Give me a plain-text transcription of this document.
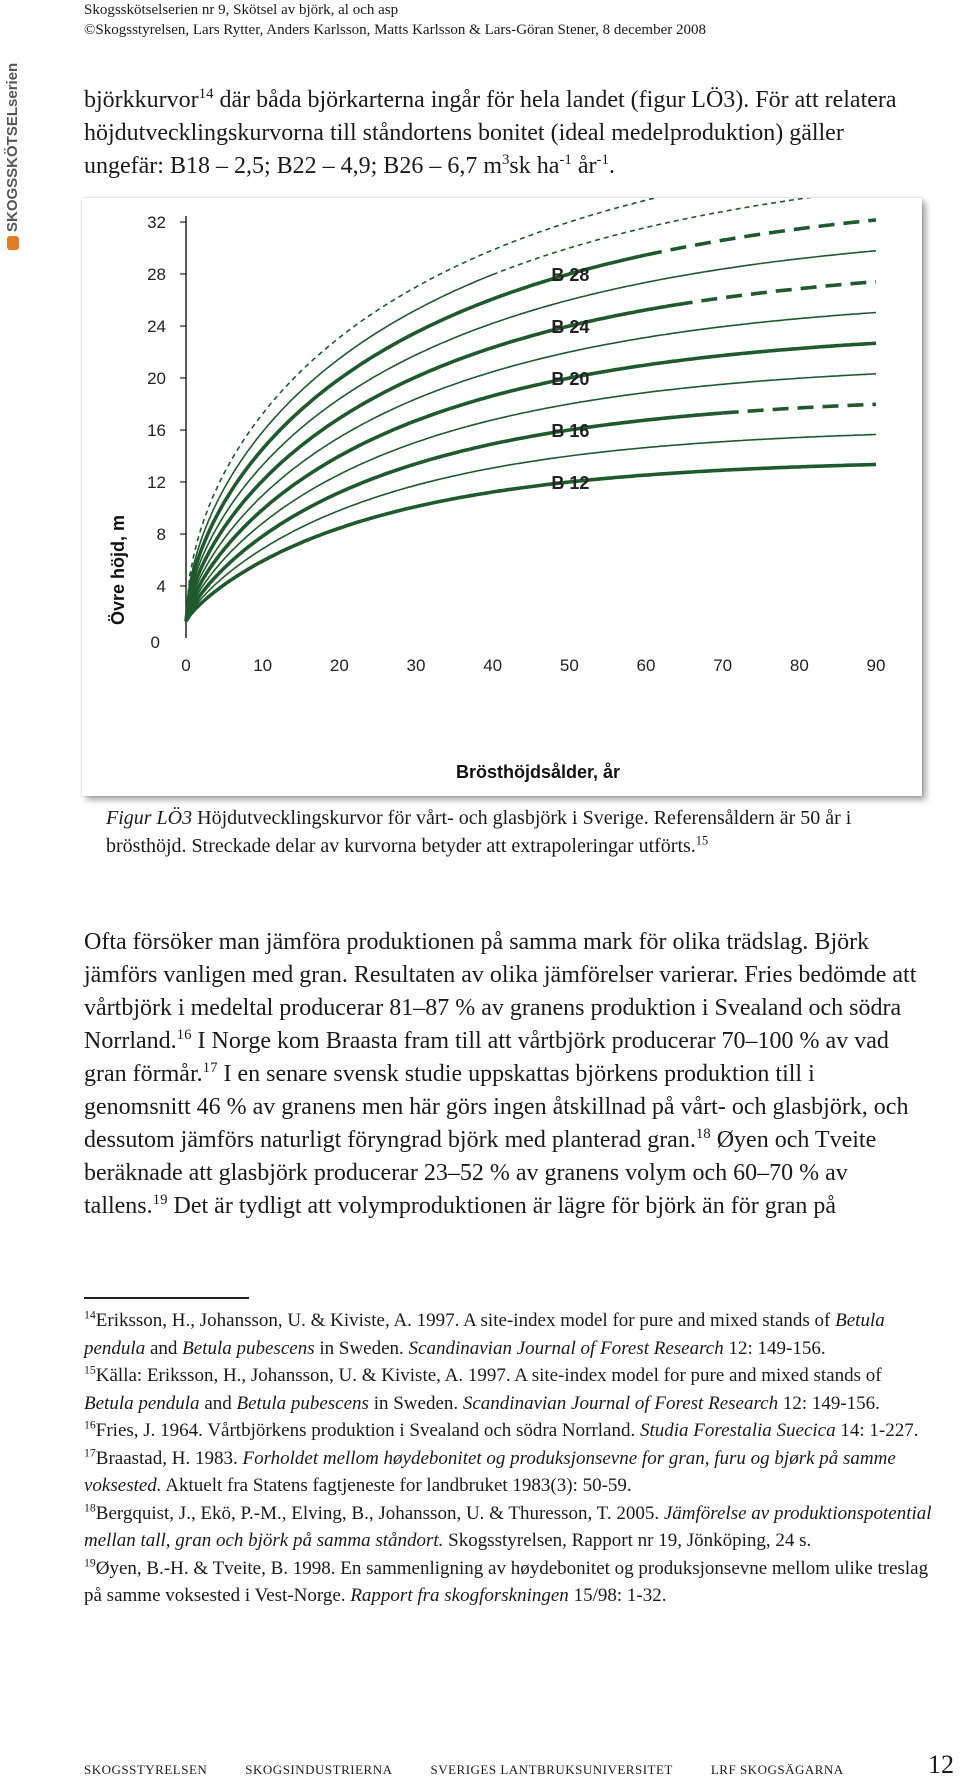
Skogsskötselserien nr 9, Skötsel av björk, al och asp
©Skogsstyrelsen, Lars Rytter, Anders Karlsson, Matts Karlsson & Lars-Göran Stener, 8 december 2008
SKOGSSKÖTSELserien	björkkurvor$^{14}$ där båda björkarterna ingår för hela landet (figur LÖ3). För att relatera höjdutvecklingskurvorna till ståndortens bonitet (ideal medelproduktion) gäller ungefär: B18 – 2,5; B22 – 4,9; B26 – 6,7 $m^3sk$ $ha^{-1}$ $år^{-1}$.
0
4
8
12
16
20
24
28
32
0	10	20	30	40	50	60	70	80	90
B 12
B 16
B 20
B 24
B 28
Brösthöjdsålder, år
Övre höjd, m
Figur LÖ3 Höjdutvecklingskurvor för vårt- och glasbjörk i Sverige. Referensåldern är 50 år i brösthöjd. Streckade delar av kurvorna betyder att extrapoleringar utförts.$^{15}$
Ofta försöker man jämföra produktionen på samma mark för olika trädslag. Björk jämförs vanligen med gran. Resultaten av olika jämförelser varierar. Fries bedömde att vårtbjörk i medeltal producerar 81–87 % av granens produktion i Svealand och södra Norrland.$^{16}$ I Norge kom Braasta fram till att vårtbjörk producerar 70–100 % av vad gran förmår.$^{17}$ I en senare svensk studie uppskattas björkens produktion till i genomsnitt 46 % av granens men här görs ingen åtskillnad på vårt- och glasbjörk, och dessutom jämförs naturligt föryngrad björk med planterad gran.$^{18}$ Øyen och Tveite beräknade att glasbjörk producerar 23–52 % av granens volym och 60–70 % av tallens.$^{19}$ Det är tydligt att volymproduktionen är lägre för björk än för gran på

$^{14}$Eriksson, H., Johansson, U. & Kiviste, A. 1997. A site-index model for pure and mixed stands of Betula pendula and Betula pubescens in Sweden. Scandinavian Journal of Forest Research 12: 149-156.

$^{15}$Källa: Eriksson, H., Johansson, U. & Kiviste, A. 1997. A site-index model for pure and mixed stands of Betula pendula and Betula pubescens in Sweden. Scandinavian Journal of Forest Research 12: 149-156.

$^{16}$Fries, J. 1964. Vårtbjörkens produktion i Svealand och södra Norrland. Studia Forestalia Suecica 14: 1-227.

$^{17}$Braastad, H. 1983. Forholdet mellom høydebonitet og produksjonsevne for gran, furu og bjørk på samme voksested. Aktuelt fra Statens fagtjeneste for landbruket 1983(3): 50-59.

$^{18}$Bergquist, J., Ekö, P.-M., Elving, B., Johansson, U. & Thuresson, T. 2005. Jämförelse av produktionspotential mellan tall, gran och björk på samma ståndort. Skogsstyrelsen, Rapport nr 19, Jönköping, 24 s.

$^{19}$Øyen, B.-H. & Tveite, B. 1998. En sammenligning av høydebonitet og produksjonsevne mellom ulike treslag på samme voksested i Vest-Norge. Rapport fra skogforskningen 15/98: 1-32.

SKOGSSTYRELSEN	SKOGSINDUSTRIERNA	SVERIGES LANTBRUKSUNIVERSITET	LRF SKOGSÄGARNA	12
